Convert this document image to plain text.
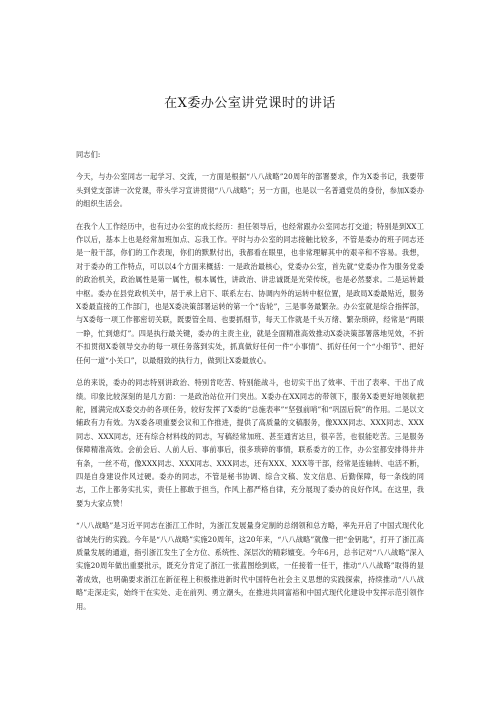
在X委办公室讲党课时的讲话

同志们:

今天，与办公室同志一起学习、交流，一方面是根据“八八战略”20周年的部署要求，作为X委书记，我要带头到党支部讲一次党课，带头学习宣讲贯彻“八八战略”；另一方面，也是以一名普通党员的身份，参加X委办的组织生活会。

在我个人工作经历中，也有过办公室的成长经历：担任领导后，也经常跟办公室同志打交道；特别是到XX工作以后，基本上也是经常加班加点、忘我工作。平时与办公室的同志接触比较多，不管是委办的班子同志还是一般干部，你们的工作表现，你们的默默付出，我都看在眼里，也非常理解其中的艰辛和不容易。我想，对于委办的工作特点，可以以4个方面来概括：一是政治最核心，党委办公室，首先就“党委办作为服务党委的政治机关，政治属性是第一属性，根本属性，讲政治、讲忠诚既是光荣传统，也是必然要求。二是运转最中枢。委办在县党政机关中，居于承上启下、联系左右、协调内外的运转中枢位置，是政局X委最贴近，服务X委最直接的工作部门，也是X委决策部署运转的第一个“齿轮”，三是事务最繁杂。办公室就是综合指挥部，与X委每一项工作都密切关联，既要管全局、也要抓细节，每天工作就是千头万绪、繁杂琐碎，经常是“两眼一睁，忙到熄灯”。四是执行最关键，委办的主责主业，就是全面精准高效推动X委决策部署落地见效，不折不扣贯彻X委领导交办的每一项任务落到实处，抓真做好任何一件“小事情”、抓好任何一个“小细节”、把好任何一道“小关口”，以最细致的执行力，做到让X委最放心。

总的来说，委办的同志特别讲政治、特别肯吃苦、特别能战斗，也切实干出了效率、干出了表率、干出了成绩。印象比较深刻的是几方面：一是政治站位开门突出。X委办在XX同志的带领下，服务X委更好地领航把舵，圆满完成X委交办的各项任务，较好发挥了X委的“总施表率”“坚强前哨”和“巩固后院”的作用。二是以文辅政有力有效。为X委各项重要会议和工作推进，提供了高质量的文稿服务，像XXX同志、XXX同志、XXX同志、XXX同志，还有综合材料线的同志，写稿经常加班、甚至通宵达旦，很辛苦，也很能吃苦。三是服务保障精准高效。会前会后、人前人后、事前事后，很多琐碎的事情，联系委方的工作，办公室都安排得井井有条，一丝不苟，像XXX同志、XXX同志、XXX同志，还有XXX、XXX等干部，经常是连轴转、屯活不断，四是自身建设作风过硬。委办的同志，不管是秘书协调、综合文稿、发文信息、后勤保障，每一条线的同志，工作上都务实扎实，责任上都敢于担当，作风上都严格自律，充分展现了委办的良好作风。在这里，我要为大家点赞！

“八八战略”是习近平同志在浙江工作时，为浙江发展量身定制的总纲领和总方略，率先开启了中国式现代化省域先行的实践。今年是“八八战略”实施20周年，这20年来，“八八战略”就像一把“金钥匙”，打开了浙江高质量发展的通道，指引浙江发生了全方位、系统性、深层次的精彩嬗变。今年6月，总书记对“八八战略”深入实施20周年做出重要批示，既充分肯定了浙江一张蓝图绘到底，一任接着一任干，推动“八八战略”取得的显著成效，也明确要求浙江在新征程上积极推进新时代中国特色社会主义思想的实践探索，持续推动“八八战略”走深走实，始终干在实处、走在前列、勇立潮头，在推进共同富裕和中国式现代化建设中发挥示范引领作用。
